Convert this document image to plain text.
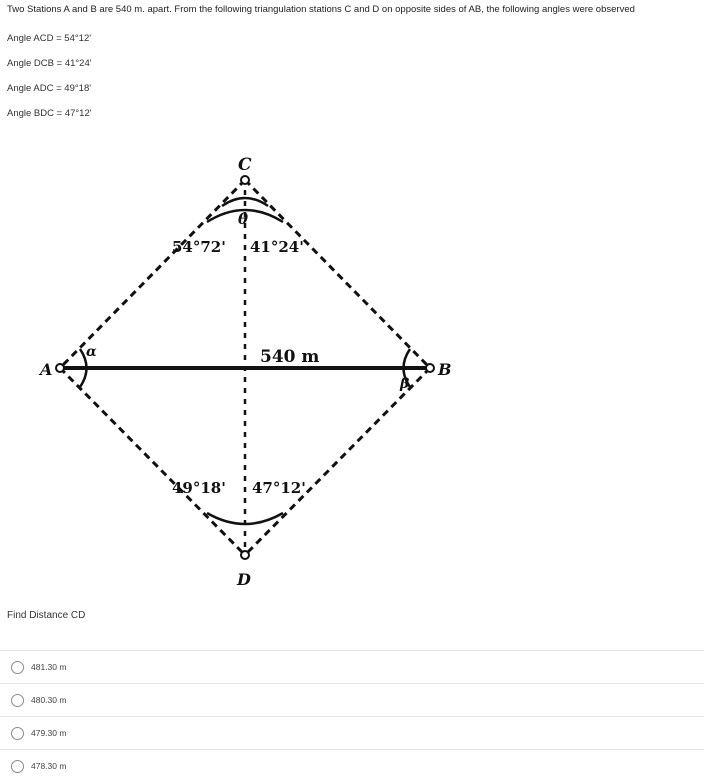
Two Stations A and B are 540 m. apart. From the following triangulation stations C and D on opposite sides of AB, the following angles were observed
Angle ACD = 54°12'
Angle DCB = 41°24'
Angle ADC = 49°18'
Angle BDC = 47°12'
C
D
A	B
α
β
θ
54°72' 41°24'
540 m
49°18' 47°12'
Find Distance CD
481.30 m
480.30 m
479.30 m
478.30 m
